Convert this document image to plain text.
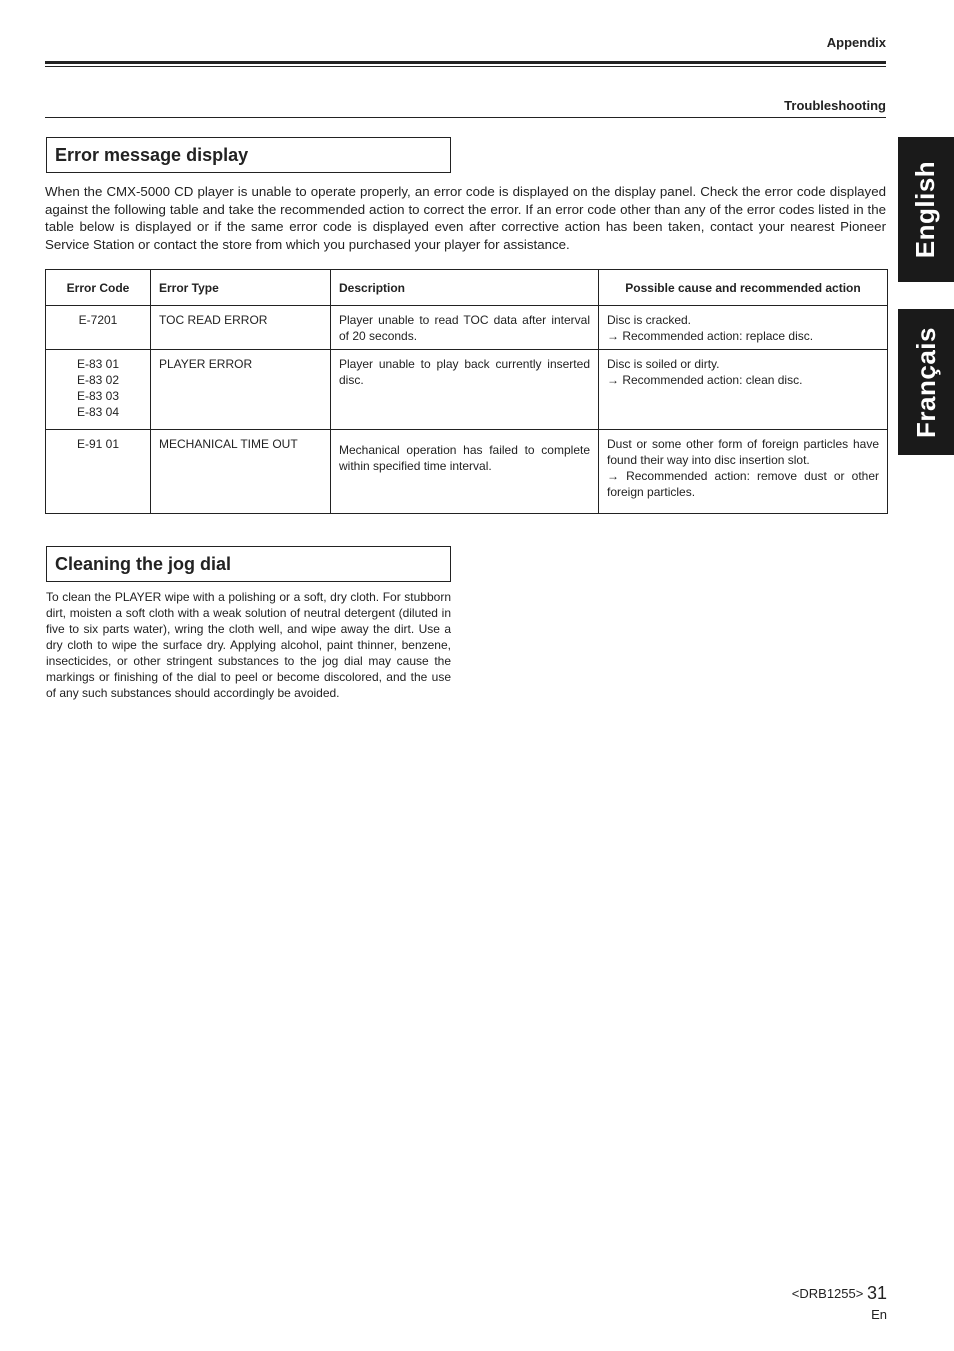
Appendix
Troubleshooting
English
Français
Error message display

When the CMX-5000 CD player is unable to operate properly, an error code is displayed on the display panel. Check the error code displayed against the following table and take the recommended action to correct the error. If an error code other than any of the error codes listed in the table below is displayed or if the same error code is displayed even after corrective action has been taken, contact your nearest Pioneer Service Station or contact the store from which you purchased your player for assistance.

Error Code	Error Type	Description	Possible cause and recommended action

E-7201	TOC READ ERROR	Player unable to read TOC data after interval of 20 seconds.	Disc is cracked.
→ Recommended action: replace disc.

E-83 01
E-83 02
E-83 03
E-83 04	PLAYER ERROR	Player unable to play back currently inserted disc.	Disc is soiled or dirty.
→ Recommended action: clean disc.

E-91 01	MECHANICAL TIME OUT	Mechanical operation has failed to complete within specified time interval.	Dust or some other form of foreign particles have found their way into disc insertion slot.
→ Recommended action: remove dust or other foreign particles.
Cleaning the jog dial

To clean the PLAYER wipe with a polishing or a soft, dry cloth. For stubborn dirt, moisten a soft cloth with a weak solution of neutral detergent (diluted in five to six parts water), wring the cloth well, and wipe away the dirt. Use a dry cloth to wipe the surface dry. Applying alcohol, paint thinner, benzene, insecticides, or other stringent substances to the jog dial may cause the markings or finishing of the dial to peel or become discolored, and the use of any such substances should accordingly be avoided.

<DRB1255> 31
En
